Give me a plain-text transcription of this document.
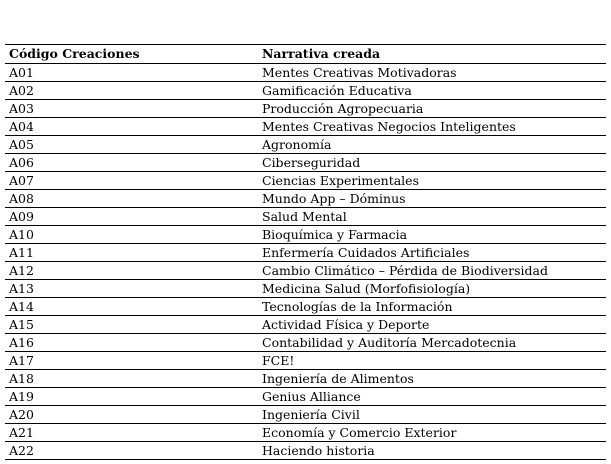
Código Creaciones	Narrativa creada
A01	Mentes Creativas Motivadoras
A02	Gamificación Educativa
A03	Producción Agropecuaria
A04	Mentes Creativas Negocios Inteligentes
A05	Agronomía
A06	Ciberseguridad
A07	Ciencias Experimentales
A08	Mundo App – Dóminus
A09	Salud Mental
A10	Bioquímica y Farmacia
A11	Enfermería Cuidados Artificiales
A12	Cambio Climático – Pérdida de Biodiversidad
A13	Medicina Salud (Morfofisiología)
A14	Tecnologías de la Información
A15	Actividad Física y Deporte
A16	Contabilidad y Auditoría Mercadotecnia
A17	FCE!
A18	Ingeniería de Alimentos
A19	Genius Alliance
A20	Ingeniería Civil
A21	Economía y Comercio Exterior
A22	Haciendo historia
